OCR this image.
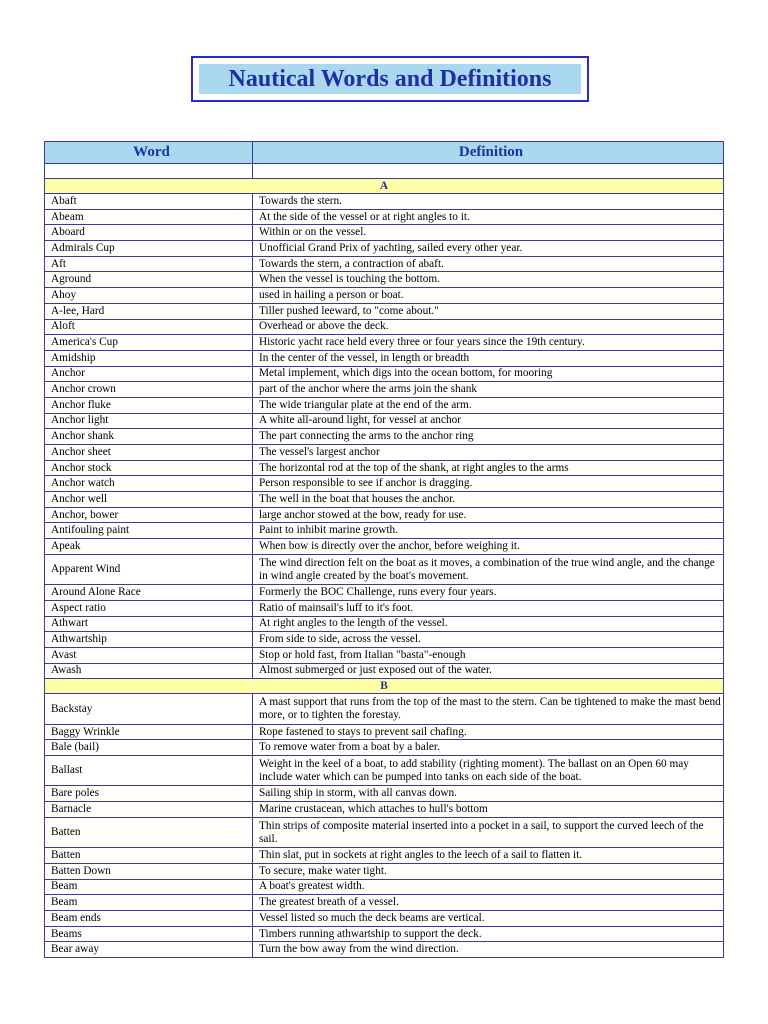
Nautical Words and Definitions
Word	Definition

A	
Abaft	Towards the stern.
Abeam	At the side of the vessel or at right angles to it.
Aboard	Within or on the vessel.
Admirals Cup	Unofficial Grand Prix of yachting, sailed every other year.
Aft	Towards the stern, a contraction of abaft.
Aground	When the vessel is touching the bottom.
Ahoy	used in hailing a person or boat.
A-lee, Hard	Tiller pushed leeward, to "come about."
Aloft	Overhead or above the deck.
America's Cup	Historic yacht race held every three or four years since the 19th century.
Amidship	In the center of the vessel, in length or breadth
Anchor	Metal implement, which digs into the ocean bottom, for mooring
Anchor crown	part of the anchor where the arms join the shank
Anchor fluke	The wide triangular plate at the end of the arm.
Anchor light	A white all-around light, for vessel at anchor
Anchor shank	The part connecting the arms to the anchor ring
Anchor sheet	The vessel's largest anchor
Anchor stock	The horizontal rod at the top of the shank, at right angles to the arms
Anchor watch	Person responsible to see if anchor is dragging.
Anchor well	The well in the boat that houses the anchor.
Anchor, bower	large anchor stowed at the bow, ready for use.
Antifouling paint	Paint to inhibit marine growth.
Apeak	When bow is directly over the anchor, before weighing it.
Apparent Wind	The wind direction felt on the boat as it moves, a combination of the true wind angle, and the change in wind angle created by the boat's movement.
Around Alone Race	Formerly the BOC Challenge, runs every four years.
Aspect ratio	Ratio of mainsail's luff to it's foot.
Athwart	At right angles to the length of the vessel.
Athwartship	From side to side, across the vessel.
Avast	Stop or hold fast, from Italian "basta"-enough
Awash	Almost submerged or just exposed out of the water.
B	
Backstay	A mast support that runs from the top of the mast to the stern. Can be tightened to make the mast bend more, or to tighten the forestay.
Baggy Wrinkle	Rope fastened to stays to prevent sail chafing.
Bale (bail)	To remove water from a boat by a baler.
Ballast	Weight in the keel of a boat, to add stability (righting moment). The ballast on an Open 60 may include water which can be pumped into tanks on each side of the boat.
Bare poles	Sailing ship in storm, with all canvas down.
Barnacle	Marine crustacean, which attaches to hull's bottom
Batten	Thin strips of composite material inserted into a pocket in a sail, to support the curved leech of the sail.
Batten	Thin slat, put in sockets at right angles to the leech of a sail to flatten it.
Batten Down	To secure, make water tight.
Beam	A boat's greatest width.
Beam	The greatest breath of a vessel.
Beam ends	Vessel listed so much the deck beams are vertical.
Beams	Timbers running athwartship to support the deck.
Bear away	Turn the bow away from the wind direction.
